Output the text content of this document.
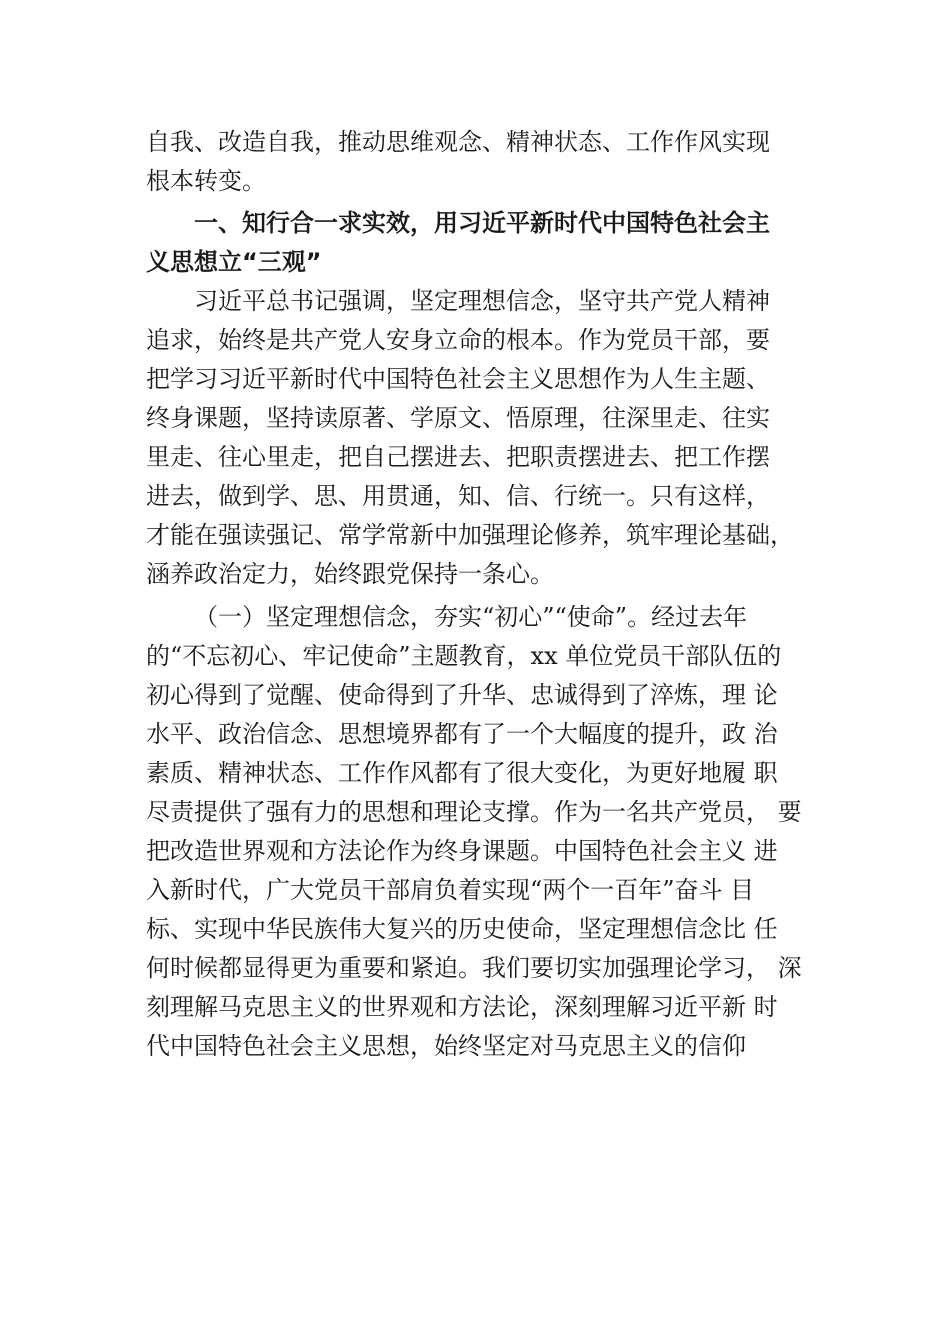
自我、改造自我，推动思维观念、精神状态、工作作风实现
根本转变。
一、知行合一求实效，用习近平新时代中国特色社会主
义思想立“三观”
习近平总书记强调，坚定理想信念，坚守共产党人精神
追求，始终是共产党人安身立命的根本。作为党员干部，要
把学习习近平新时代中国特色社会主义思想作为人生主题、
终身课题，坚持读原著、学原文、悟原理，往深里走、往实
里走、往心里走，把自己摆进去、把职责摆进去、把工作摆
进去，做到学、思、用贯通，知、信、行统一。只有这样，
才能在强读强记、常学常新中加强理论修养，筑牢理论基础，
涵养政治定力，始终跟党保持一条心。
（一）坚定理想信念，夯实“初心”“使命”。经过去年
的“不忘初心、牢记使命”主题教育，xx 单位党员干部队伍的
初心得到了觉醒、使命得到了升华、忠诚得到了淬炼，理 论
水平、政治信念、思想境界都有了一个大幅度的提升，政 治
素质、精神状态、工作作风都有了很大变化，为更好地履 职
尽责提供了强有力的思想和理论支撑。作为一名共产党员， 要
把改造世界观和方法论作为终身课题。中国特色社会主义 进
入新时代，广大党员干部肩负着实现“两个一百年”奋斗 目
标、实现中华民族伟大复兴的历史使命，坚定理想信念比 任
何时候都显得更为重要和紧迫。我们要切实加强理论学习， 深
刻理解马克思主义的世界观和方法论，深刻理解习近平新 时
代中国特色社会主义思想，始终坚定对马克思主义的信仰
